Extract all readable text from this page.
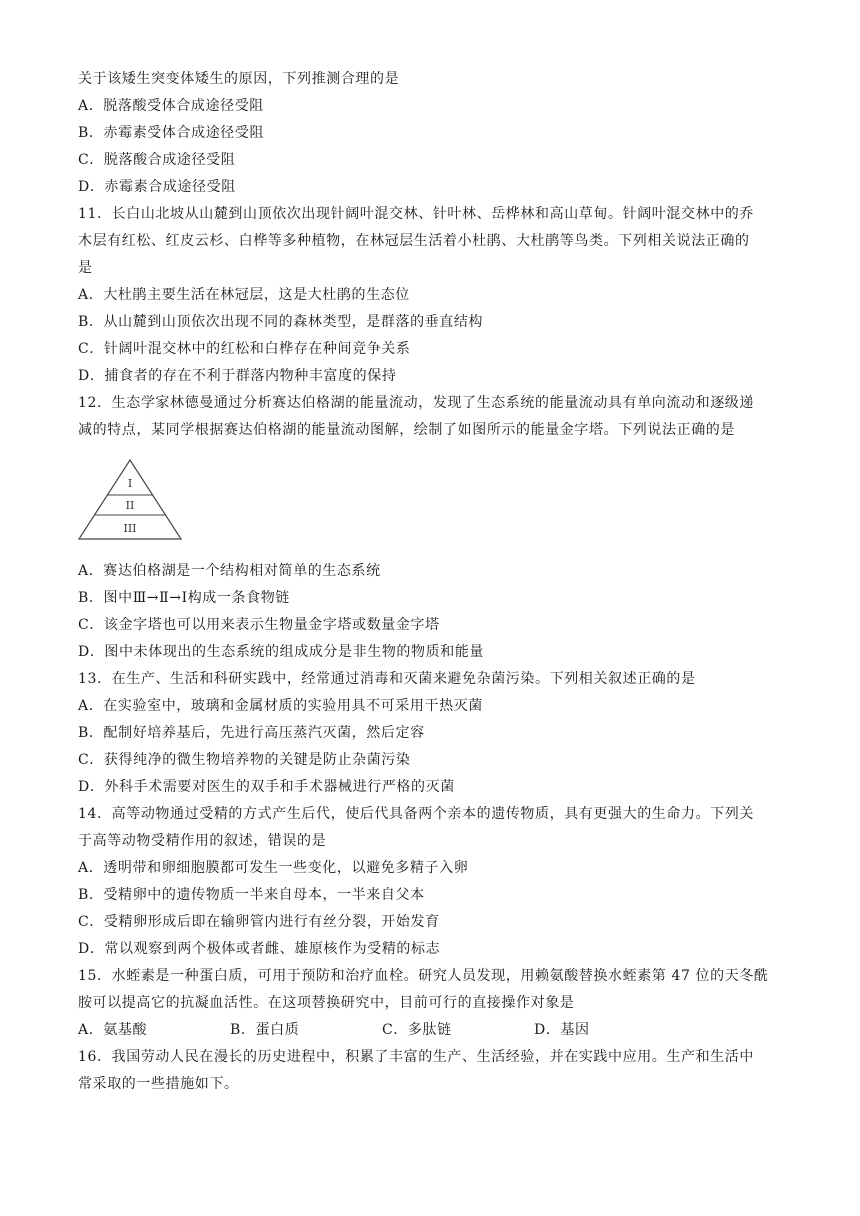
关于该矮生突变体矮生的原因，下列推测合理的是
A．脱落酸受体合成途径受阻
B．赤霉素受体合成途径受阻
C．脱落酸合成途径受阻
D．赤霉素合成途径受阻
11．长白山北坡从山麓到山顶依次出现针阔叶混交林、针叶林、岳桦林和高山草甸。针阔叶混交林中的乔
木层有红松、红皮云杉、白桦等多种植物，在林冠层生活着小杜鹃、大杜鹃等鸟类。下列相关说法正确的
是
A．大杜鹃主要生活在林冠层，这是大杜鹃的生态位
B．从山麓到山顶依次出现不同的森林类型，是群落的垂直结构
C．针阔叶混交林中的红松和白桦存在种间竞争关系
D．捕食者的存在不利于群落内物种丰富度的保持
12．生态学家林德曼通过分析赛达伯格湖的能量流动，发现了生态系统的能量流动具有单向流动和逐级递
减的特点，某同学根据赛达伯格湖的能量流动图解，绘制了如图所示的能量金字塔。下列说法正确的是
I
II
III
A．赛达伯格湖是一个结构相对简单的生态系统
B．图中Ⅲ→Ⅱ→Ⅰ构成一条食物链
C．该金字塔也可以用来表示生物量金字塔或数量金字塔
D．图中未体现出的生态系统的组成成分是非生物的物质和能量
13．在生产、生活和科研实践中，经常通过消毒和灭菌来避免杂菌污染。下列相关叙述正确的是
A．在实验室中，玻璃和金属材质的实验用具不可采用干热灭菌
B．配制好培养基后，先进行高压蒸汽灭菌，然后定容
C．获得纯净的微生物培养物的关键是防止杂菌污染
D．外科手术需要对医生的双手和手术器械进行严格的灭菌
14．高等动物通过受精的方式产生后代，使后代具备两个亲本的遗传物质，具有更强大的生命力。下列关
于高等动物受精作用的叙述，错误的是
A．透明带和卵细胞膜都可发生一些变化，以避免多精子入卵
B．受精卵中的遗传物质一半来自母本，一半来自父本
C．受精卵形成后即在输卵管内进行有丝分裂，开始发育
D．常以观察到两个极体或者雌、雄原核作为受精的标志
15．水蛭素是一种蛋白质，可用于预防和治疗血栓。研究人员发现，用赖氨酸替换水蛭素第 47 位的天冬酰
胺可以提高它的抗凝血活性。在这项替换研究中，目前可行的直接操作对象是
A．氨基酸	B．蛋白质	C．多肽链	D．基因
16．我国劳动人民在漫长的历史进程中，积累了丰富的生产、生活经验，并在实践中应用。生产和生活中
常采取的一些措施如下。
